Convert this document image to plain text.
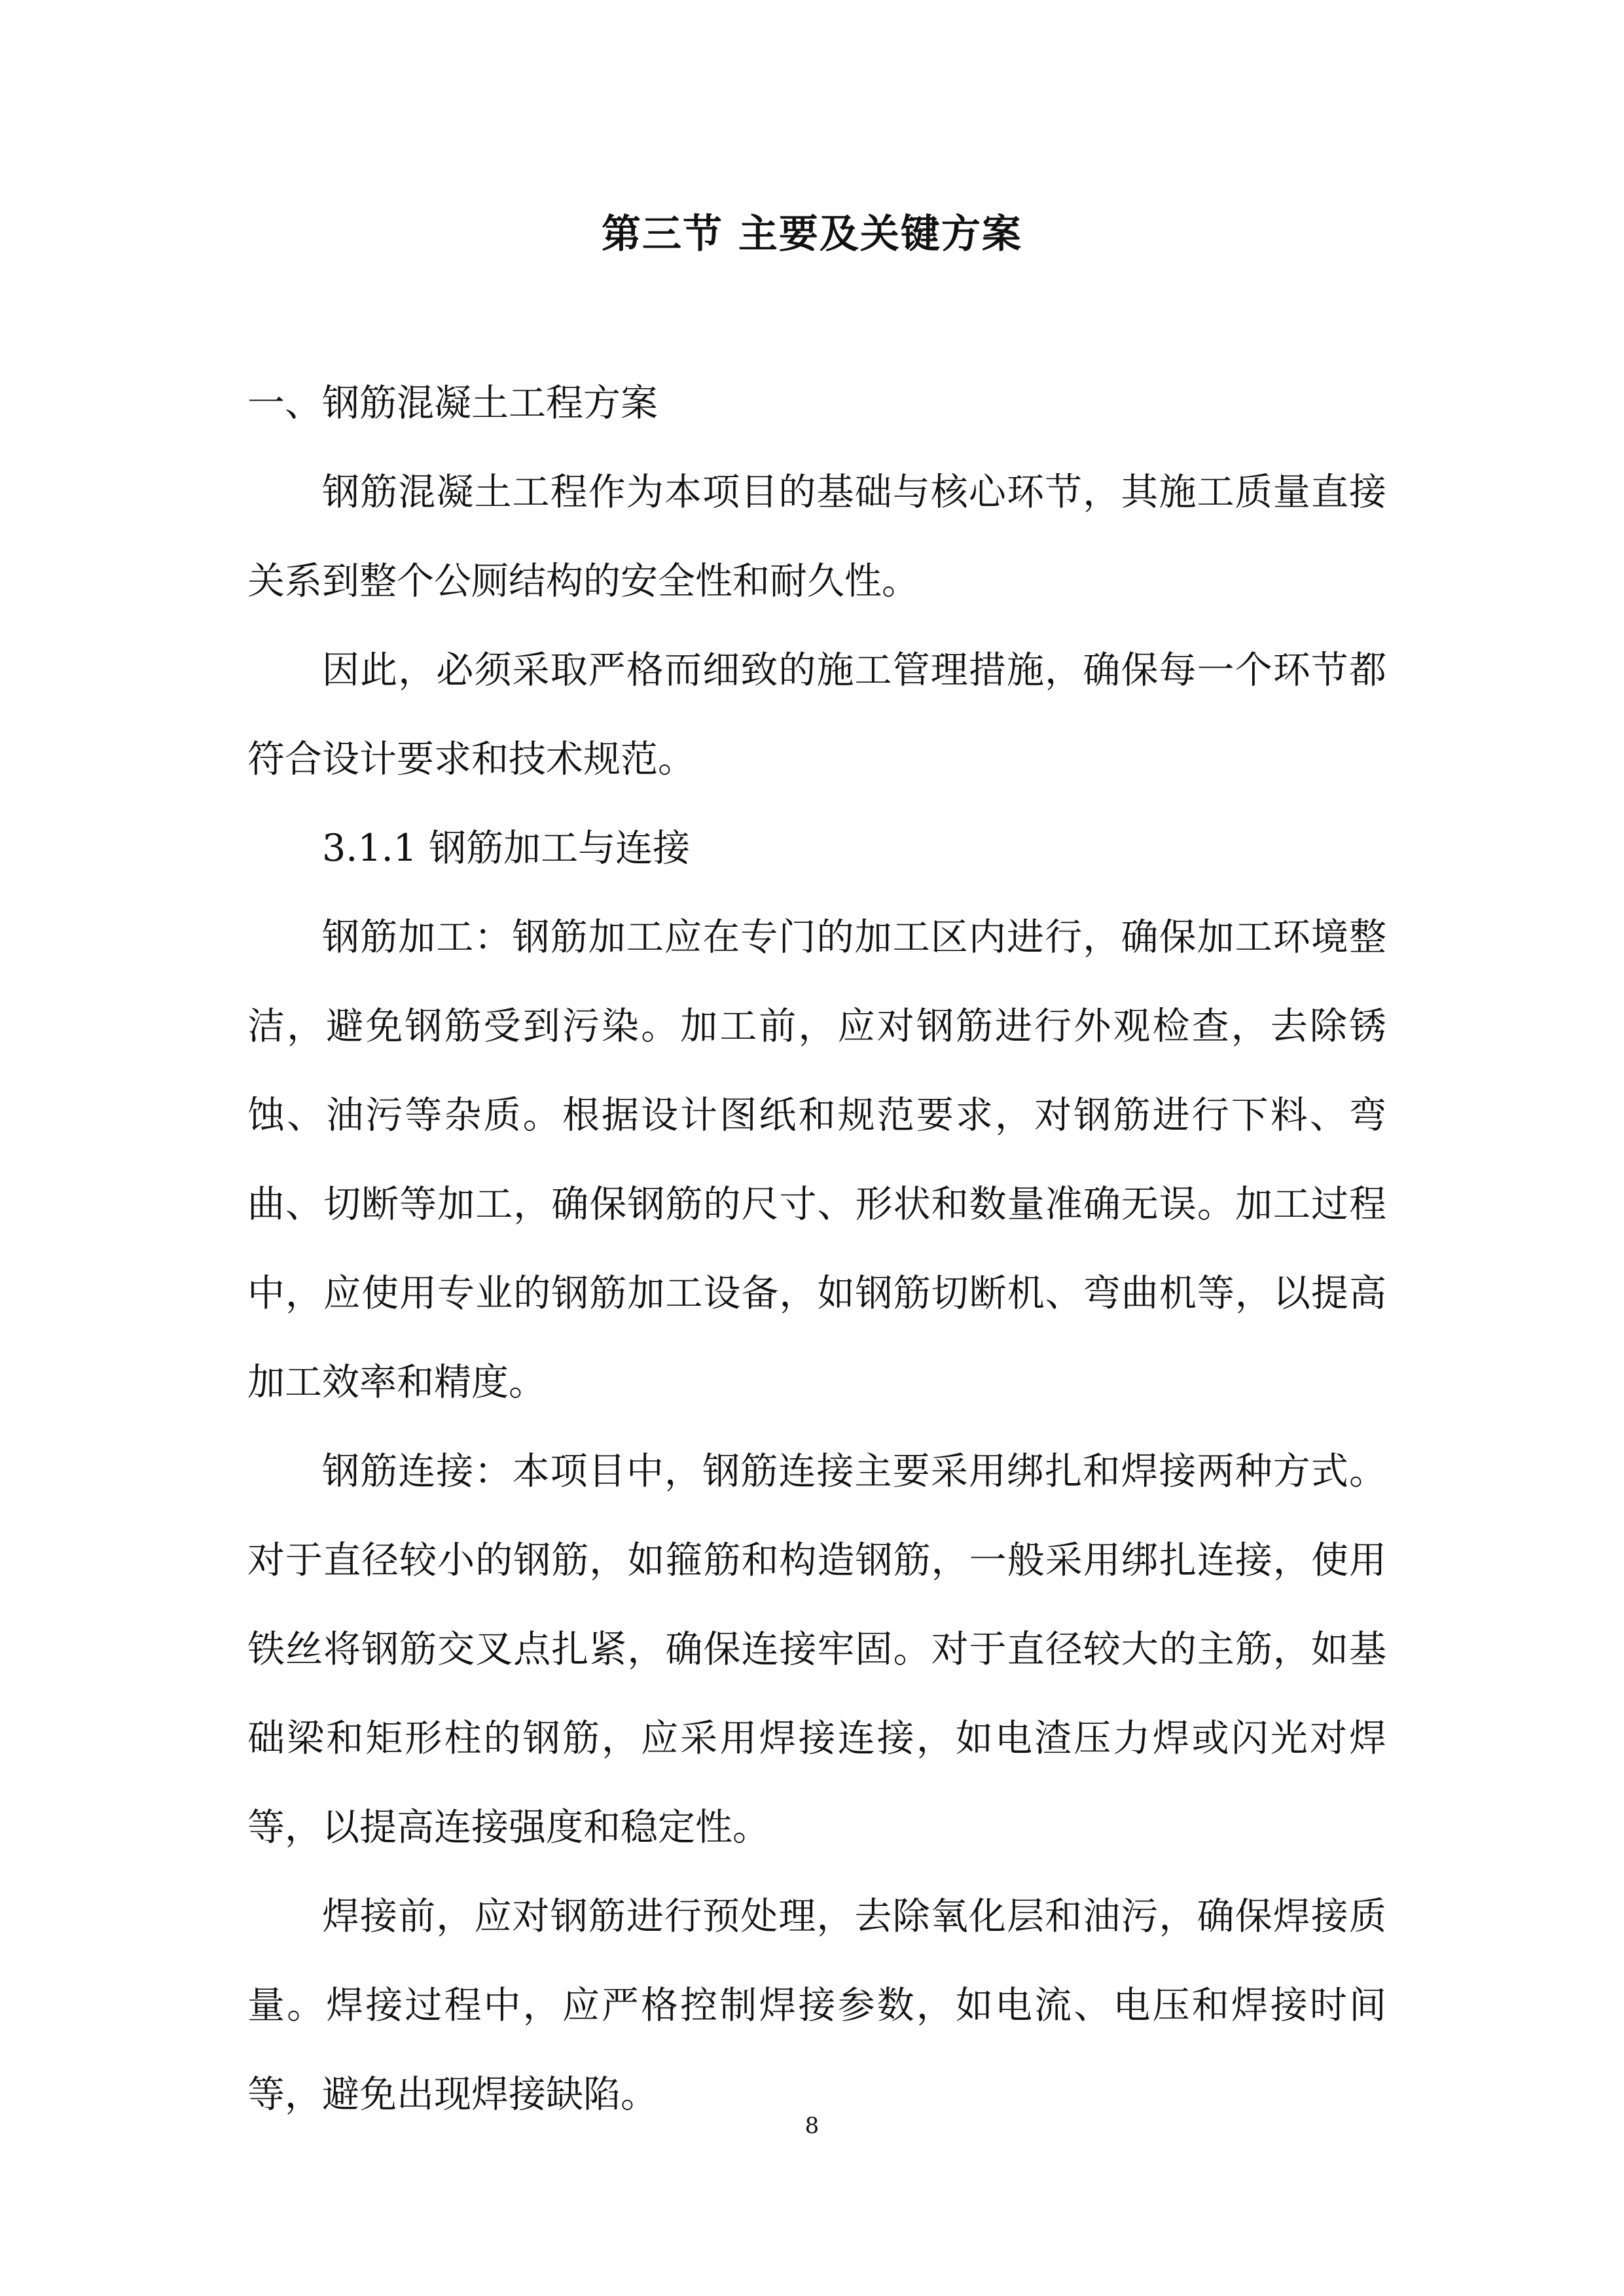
第三节 主要及关键方案

一、钢筋混凝土工程方案

钢筋混凝土工程作为本项目的基础与核心环节，其施工质量直接关系到整个公厕结构的安全性和耐久性。

因此，必须采取严格而细致的施工管理措施，确保每一个环节都符合设计要求和技术规范。

3.1.1 钢筋加工与连接

钢筋加工：钢筋加工应在专门的加工区内进行，确保加工环境整洁，避免钢筋受到污染。加工前，应对钢筋进行外观检查，去除锈蚀、油污等杂质。根据设计图纸和规范要求，对钢筋进行下料、弯曲、切断等加工，确保钢筋的尺寸、形状和数量准确无误。加工过程中，应使用专业的钢筋加工设备，如钢筋切断机、弯曲机等，以提高加工效率和精度。

钢筋连接：本项目中，钢筋连接主要采用绑扎和焊接两种方式。对于直径较小的钢筋，如箍筋和构造钢筋，一般采用绑扎连接，使用铁丝将钢筋交叉点扎紧，确保连接牢固。对于直径较大的主筋，如基础梁和矩形柱的钢筋，应采用焊接连接，如电渣压力焊或闪光对焊等，以提高连接强度和稳定性。

焊接前，应对钢筋进行预处理，去除氧化层和油污，确保焊接质量。焊接过程中，应严格控制焊接参数，如电流、电压和焊接时间等，避免出现焊接缺陷。

8
